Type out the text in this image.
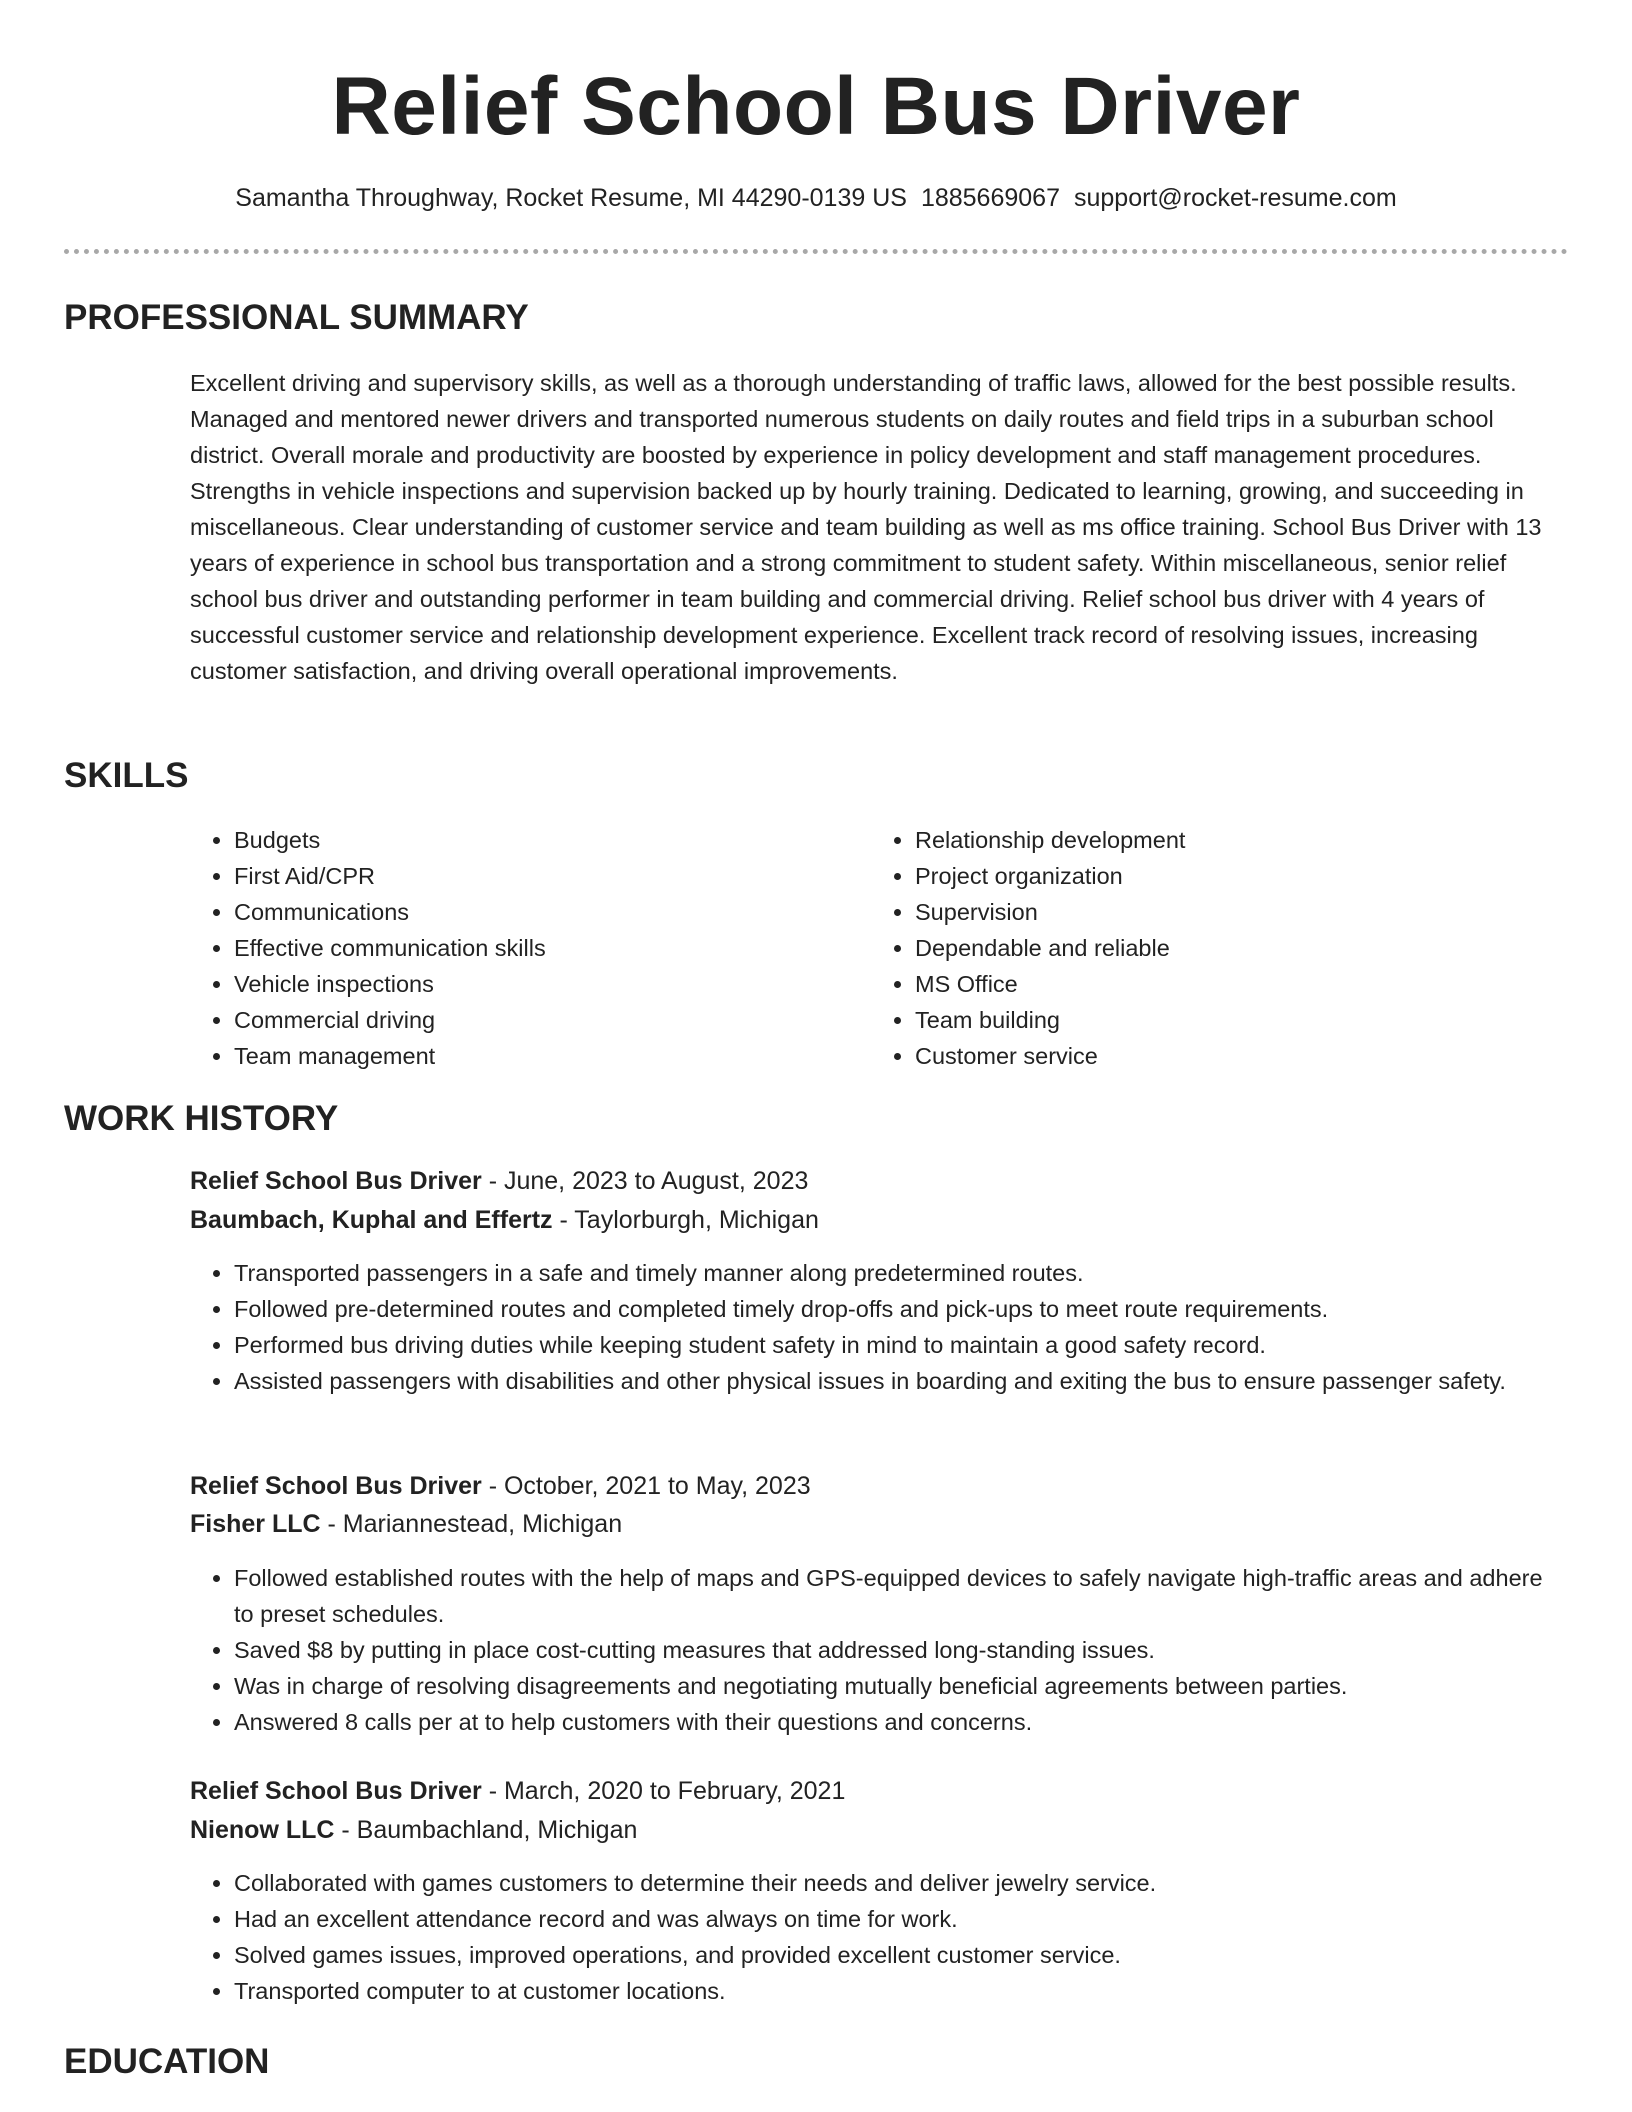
Relief School Bus Driver
Samantha Throughway, Rocket Resume, MI 44290-0139 US 1885669067 support@rocket-resume.com
PROFESSIONAL SUMMARY

Excellent driving and supervisory skills, as well as a thorough understanding of traffic laws, allowed for the best possible results. Managed and mentored newer drivers and transported numerous students on daily routes and field trips in a suburban school district. Overall morale and productivity are boosted by experience in policy development and staff management procedures. Strengths in vehicle inspections and supervision backed up by hourly training. Dedicated to learning, growing, and succeeding in miscellaneous. Clear understanding of customer service and team building as well as ms office training. School Bus Driver with 13 years of experience in school bus transportation and a strong commitment to student safety. Within miscellaneous, senior relief school bus driver and outstanding performer in team building and commercial driving. Relief school bus driver with 4 years of successful customer service and relationship development experience. Excellent track record of resolving issues, increasing customer satisfaction, and driving overall operational improvements.

SKILLS
• Budgets
• First Aid/CPR
• Communications
• Effective communication skills
• Vehicle inspections
• Commercial driving
• Team management
• Relationship development
• Project organization
• Supervision
• Dependable and reliable
• MS Office
• Team building
• Customer service
WORK HISTORY
Relief School Bus Driver - June, 2023 to August, 2023
Baumbach, Kuphal and Effertz - Taylorburgh, Michigan
• Transported passengers in a safe and timely manner along predetermined routes.
• Followed pre-determined routes and completed timely drop-offs and pick-ups to meet route requirements.
• Performed bus driving duties while keeping student safety in mind to maintain a good safety record.
• Assisted passengers with disabilities and other physical issues in boarding and exiting the bus to ensure passenger safety.
Relief School Bus Driver - October, 2021 to May, 2023
Fisher LLC - Mariannestead, Michigan
• Followed established routes with the help of maps and GPS-equipped devices to safely navigate high-traffic areas and adhere to preset schedules.
• Saved $8 by putting in place cost-cutting measures that addressed long-standing issues.
• Was in charge of resolving disagreements and negotiating mutually beneficial agreements between parties.
• Answered 8 calls per at to help customers with their questions and concerns.
Relief School Bus Driver - March, 2020 to February, 2021
Nienow LLC - Baumbachland, Michigan
• Collaborated with games customers to determine their needs and deliver jewelry service.
• Had an excellent attendance record and was always on time for work.
• Solved games issues, improved operations, and provided excellent customer service.
• Transported computer to at customer locations.
EDUCATION
